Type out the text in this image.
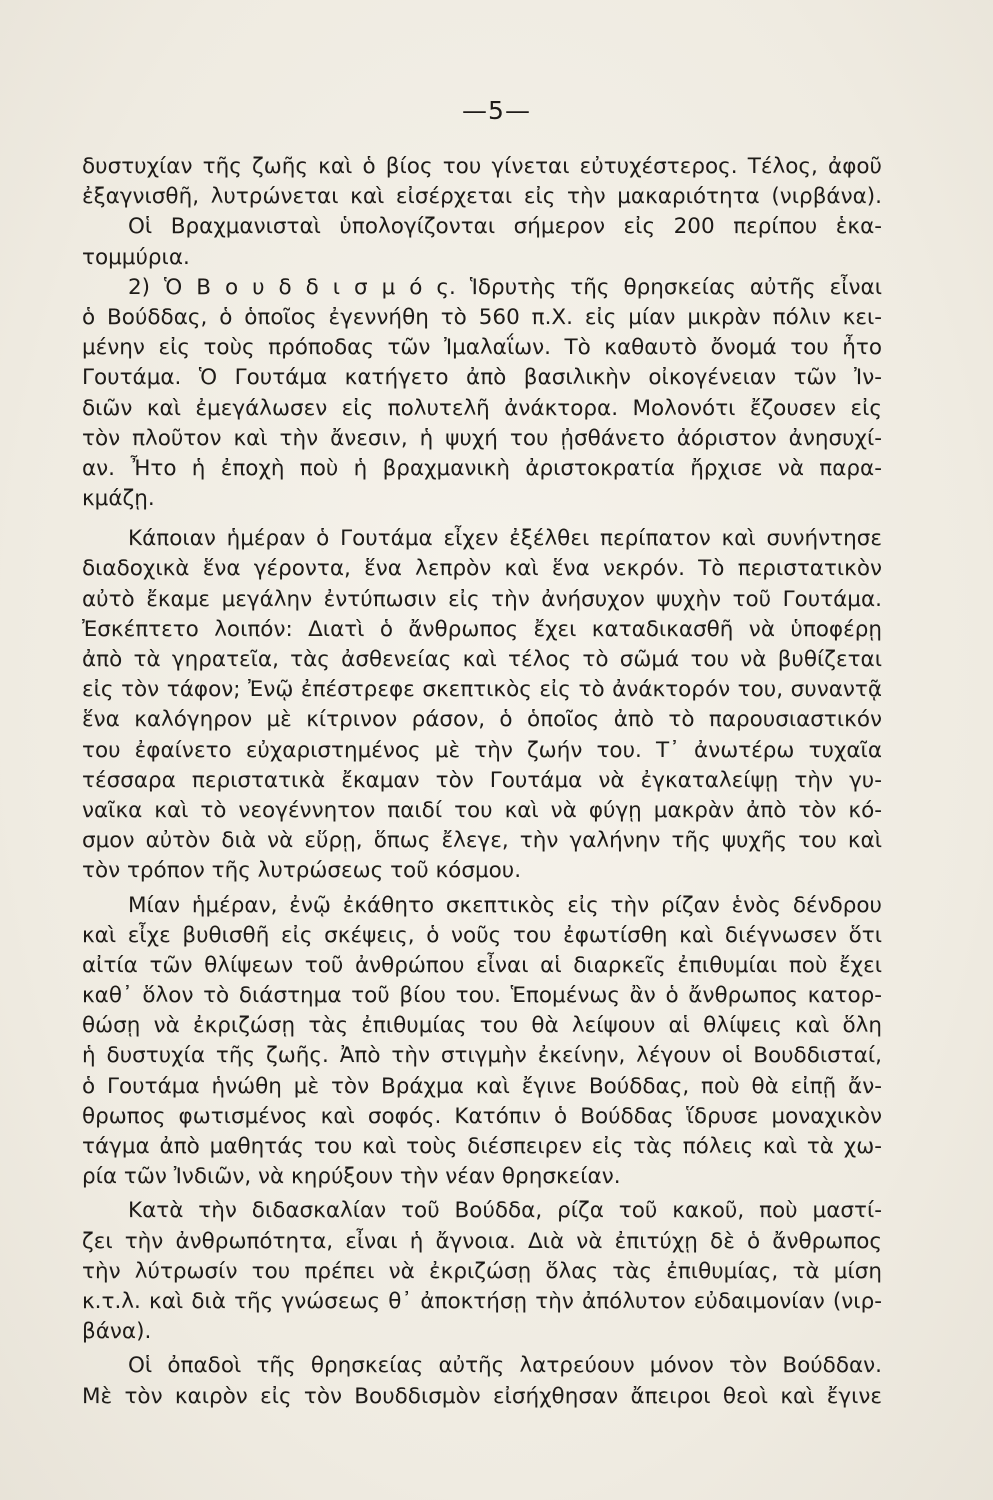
—5—
δυστυχίαν τῆς ζωῆς καὶ ὁ βίος του γίνεται εὐτυχέστερος. Τέλος, ἀφοῦ
ἐξαγνισθῆ, λυτρώνεται καὶ εἰσέρχεται εἰς τὴν μακαριότητα (νιρβάνα).
Οἱ Βραχμανισταὶ ὑπολογίζονται σήμερον εἰς 200 περίπου ἑκα-
τομμύρια.
2) Ὁ Β ο υ δ δ ι σ μ ό ς. Ἱδρυτὴς τῆς θρησκείας αὐτῆς εἶναι
ὁ Βούδδας, ὁ ὁποῖος ἐγεννήθη τὸ 560 π.Χ. εἰς μίαν μικρὰν πόλιν κει-
μένην εἰς τοὺς πρόποδας τῶν Ἰμαλαΐων. Τὸ καθαυτὸ ὄνομά του ἦτο
Γουτάμα. Ὁ Γουτάμα κατήγετο ἀπὸ βασιλικὴν οἰκογένειαν τῶν Ἰν-
διῶν καὶ ἐμεγάλωσεν εἰς πολυτελῆ ἀνάκτορα. Μολονότι ἔζουσεν εἰς
τὸν πλοῦτον καὶ τὴν ἄνεσιν, ἡ ψυχή του ᾐσθάνετο ἀόριστον ἀνησυχί-
αν. Ἦτο ἡ ἐποχὴ ποὺ ἡ βραχμανικὴ ἀριστοκρατία ἤρχισε νὰ παρα-
κμάζῃ.
Κάποιαν ἡμέραν ὁ Γουτάμα εἶχεν ἐξέλθει περίπατον καὶ συνήντησε
διαδοχικὰ ἕνα γέροντα, ἕνα λεπρὸν καὶ ἕνα νεκρόν. Τὸ περιστατικὸν
αὐτὸ ἔκαμε μεγάλην ἐντύπωσιν εἰς τὴν ἀνήσυχον ψυχὴν τοῦ Γουτάμα.
Ἐσκέπτετο λοιπόν: Διατὶ ὁ ἄνθρωπος ἔχει καταδικασθῆ νὰ ὑποφέρῃ
ἀπὸ τὰ γηρατεῖα, τὰς ἀσθενείας καὶ τέλος τὸ σῶμά του νὰ βυθίζεται
εἰς τὸν τάφον; Ἐνῷ ἐπέστρεφε σκεπτικὸς εἰς τὸ ἀνάκτορόν του, συναντᾷ
ἕνα καλόγηρον μὲ κίτρινον ράσον, ὁ ὁποῖος ἀπὸ τὸ παρουσιαστικόν
του ἐφαίνετο εὐχαριστημένος μὲ τὴν ζωήν του. Τ᾽ ἀνωτέρω τυχαῖα
τέσσαρα περιστατικὰ ἔκαμαν τὸν Γουτάμα νὰ ἐγκαταλείψῃ τὴν γυ-
ναῖκα καὶ τὸ νεογέννητον παιδί του καὶ νὰ φύγῃ μακρὰν ἀπὸ τὸν κό-
σμον αὐτὸν διὰ νὰ εὕρῃ, ὅπως ἔλεγε, τὴν γαλήνην τῆς ψυχῆς του καὶ
τὸν τρόπον τῆς λυτρώσεως τοῦ κόσμου.
Μίαν ἡμέραν, ἐνῷ ἐκάθητο σκεπτικὸς εἰς τὴν ρίζαν ἑνὸς δένδρου
καὶ εἶχε βυθισθῆ εἰς σκέψεις, ὁ νοῦς του ἐφωτίσθη καὶ διέγνωσεν ὅτι
αἰτία τῶν θλίψεων τοῦ ἀνθρώπου εἶναι αἱ διαρκεῖς ἐπιθυμίαι ποὺ ἔχει
καθ᾽ ὅλον τὸ διάστημα τοῦ βίου του. Ἑπομένως ἂν ὁ ἄνθρωπος κατορ-
θώσῃ νὰ ἐκριζώσῃ τὰς ἐπιθυμίας του θὰ λείψουν αἱ θλίψεις καὶ ὅλη
ἡ δυστυχία τῆς ζωῆς. Ἀπὸ τὴν στιγμὴν ἐκείνην, λέγουν οἱ Βουδδισταί,
ὁ Γουτάμα ἡνώθη μὲ τὸν Βράχμα καὶ ἔγινε Βούδδας, ποὺ θὰ εἰπῇ ἄν-
θρωπος φωτισμένος καὶ σοφός. Κατόπιν ὁ Βούδδας ἵδρυσε μοναχικὸν
τάγμα ἀπὸ μαθητάς του καὶ τοὺς διέσπειρεν εἰς τὰς πόλεις καὶ τὰ χω-
ρία τῶν Ἰνδιῶν, νὰ κηρύξουν τὴν νέαν θρησκείαν.
Κατὰ τὴν διδασκαλίαν τοῦ Βούδδα, ρίζα τοῦ κακοῦ, ποὺ μαστί-
ζει τὴν ἀνθρωπότητα, εἶναι ἡ ἄγνοια. Διὰ νὰ ἐπιτύχῃ δὲ ὁ ἄνθρωπος
τὴν λύτρωσίν του πρέπει νὰ ἐκριζώσῃ ὅλας τὰς ἐπιθυμίας, τὰ μίση
κ.τ.λ. καὶ διὰ τῆς γνώσεως θ᾽ ἀποκτήσῃ τὴν ἀπόλυτον εὐδαιμονίαν (νιρ-
βάνα).
Οἱ ὀπαδοὶ τῆς θρησκείας αὐτῆς λατρεύουν μόνον τὸν Βούδδαν.
Μὲ τὸν καιρὸν εἰς τὸν Βουδδισμὸν εἰσήχθησαν ἄπειροι θεοὶ καὶ ἔγινε
